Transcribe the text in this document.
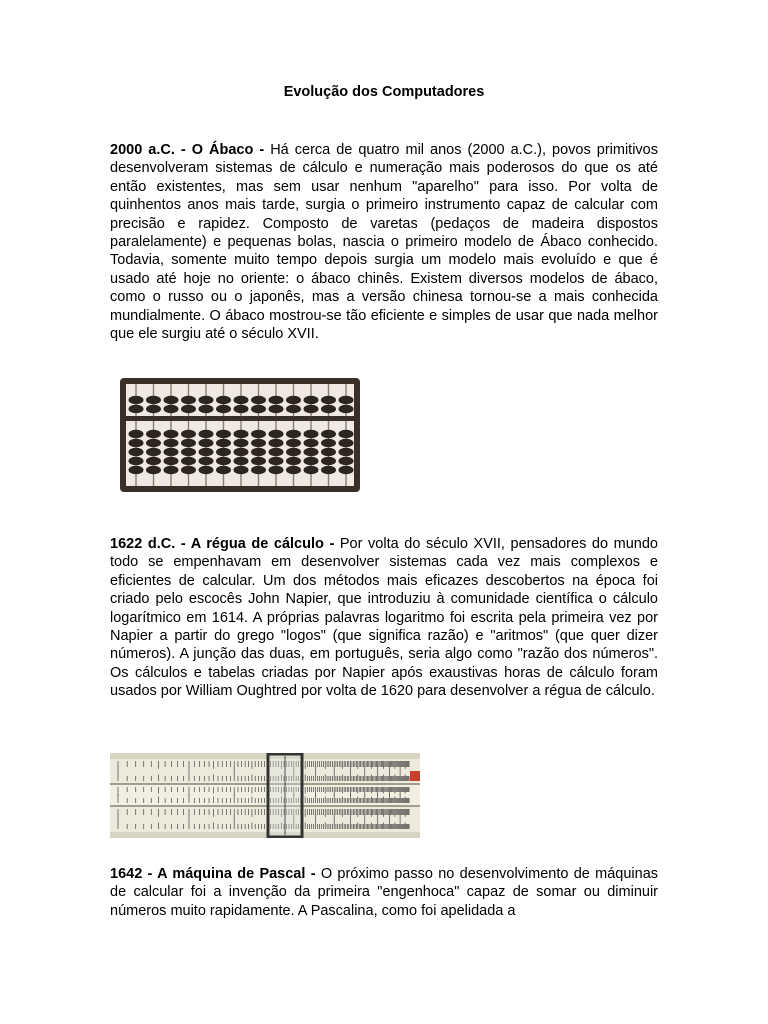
Evolução dos Computadores

2000 a.C. - O Ábaco - Há cerca de quatro mil anos (2000 a.C.), povos primitivos desenvolveram sistemas de cálculo e numeração mais poderosos do que os até então existentes, mas sem usar nenhum "aparelho" para isso. Por volta de quinhentos anos mais tarde, surgia o primeiro instrumento capaz de calcular com precisão e rapidez. Composto de varetas (pedaços de madeira dispostos paralelamente) e pequenas bolas, nascia o primeiro modelo de Ábaco conhecido. Todavia, somente muito tempo depois surgia um modelo mais evoluído e que é usado até hoje no oriente: o ábaco chinês. Existem diversos modelos de ábaco, como o russo ou o japonês, mas a versão chinesa tornou-se a mais conhecida mundialmente. O ábaco mostrou-se tão eficiente e simples de usar que nada melhor que ele surgiu até o século XVII.

1622 d.C. - A régua de cálculo - Por volta do século XVII, pensadores do mundo todo se empenhavam em desenvolver sistemas cada vez mais complexos e eficientes de calcular. Um dos métodos mais eficazes descobertos na época foi criado pelo escocês John Napier, que introduziu à comunidade científica o cálculo logarítmico em 1614. A próprias palavras logaritmo foi escrita pela primeira vez por Napier a partir do grego "logos" (que significa razão) e "aritmos" (que quer dizer números). A junção das duas, em português, seria algo como "razão dos números". Os cálculos e tabelas criadas por Napier após exaustivas horas de cálculo foram usados por William Oughtred por volta de 1620 para desenvolver a régua de cálculo.

1642 - A máquina de Pascal - O próximo passo no desenvolvimento de máquinas de calcular foi a invenção da primeira "engenhoca" capaz de somar ou diminuir números muito rapidamente. A Pascalina, como foi apelidada a
